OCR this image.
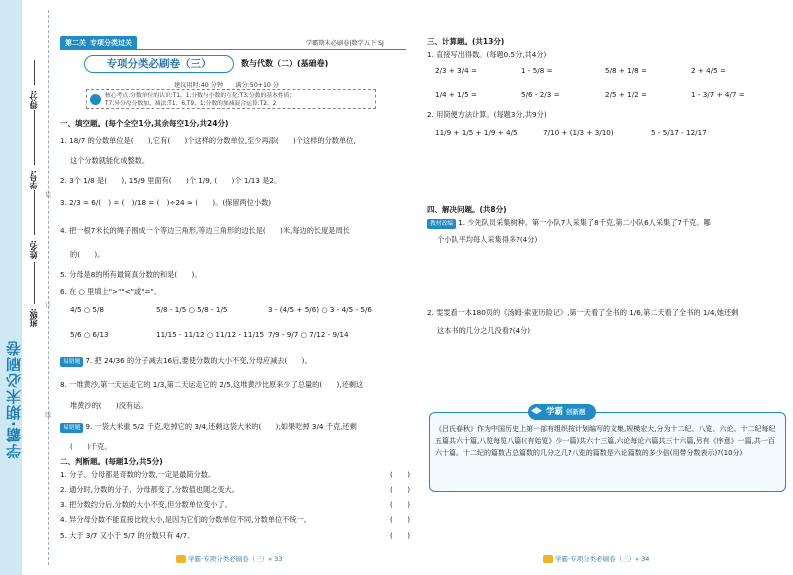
学霸·期末必刷卷
得分:
学号:
姓名:
班级:
装
订
线
第二关 专项分类过关	学霸期末必刷卷|数学五下 SJ
专项分类必刷卷（三）	数与代数（二）(基础卷)
建议用时:40 分钟　　满分:50+10 分
核心考点:分数单位的认识:T1、1;分数与小数的互化:T3;分数的基本性质:
T7;异分母分数加、减法:T1、6,T9、1;分数的加减混合运算:T2、2
一、填空题。(每个全空1分,其余每空1分,共24分)
1. 18/7 的分数单位是(　　),它有(　　)个这样的分数单位,至少再添(　　)个这样的分数单位,
这个分数就能化成整数。
2. 3个 1/8 是(　　), 15/9 里面有(　　)个 1/9, (　　)个 1/13 是2。
3. 2/3 = 6/(　) = (　)/18 = (　)÷24 ≈ (　　)。(保留两位小数)
4. 把一根7米长的绳子围成一个等边三角形,等边三角形的边长是(　　)米,每边的长度是周长
的(　　)。
5. 分母是8的所有最简真分数的和是(　　)。
6. 在 ○ 里填上">""<"或"="。
4/5 ○ 5/8	5/8 - 1/5 ○ 5/8 - 1/5	3 - (4/5 + 5/6) ○ 3 - 4/5 - 5/6
5/6 ○ 6/13	11/15 - 11/12 ○ 11/12 - 11/15 7/9 - 9/7 ○ 7/12 - 9/14
易错题 7. 把 24/36 的分子减去16后,要使分数的大小不变,分母应减去(　　)。
8. 一堆黄沙,第一天运走它的 1/3,第二天运走它的 2/5,这堆黄沙比原来少了总量的(　　),还剩这
堆黄沙的(　　)没有运。
易错题 9. 一袋大米重 5/2 千克,吃掉它的 3/4,还剩这袋大米的(　　);如果吃掉 3/4 千克,还剩
(　　)千克。
二、判断题。(每题1分,共5分)
1. 分子、分母都是奇数的分数,一定是最简分数。	(　　)
2. 通分时,分数的分子、分母都变了,分数值也随之变大。	(　　)
3. 把分数约分后,分数的大小不变,但分数单位变小了。	(　　)
4. 异分母分数不能直接比较大小,是因为它们的分数单位不同,分数单位不统一。	(　　)
5. 大于 3/7 又小于 5/7 的分数只有 4/7。	(　　)
学霸·专项分类必刷卷（三）» 33
三、计算题。(共13分)
1. 直接写出得数。(每题0.5分,共4分)
2/3 + 3/4 =	1 - 5/8 =	5/8 + 1/8 =	2 + 4/5 =
1/4 + 1/5 =	5/6 - 2/3 =	2/5 + 1/2 =	1 - 3/7 + 4/7 =
2. 用简便方法计算。(每题3分,共9分)
11/9 + 1/5 + 1/9 + 4/5	7/10 + (1/3 + 3/10)	5 - 5/17 - 12/17
四、解决问题。(共8分)
教材改编 1. 少先队员采集树种。第一小队7人采集了8千克,第二小队6人采集了7千克。哪
个小队平均每人采集得多?(4分)
2. 雯雯看一本180页的《汤姆·索亚历险记》,第一天看了全书的 1/6,第二天看了全书的 1/4,她还剩
这本书的几分之几没看?(4分)
学霸 创新题
《吕氏春秋》作为中国历史上第一部有组织按计划编写的文集,规模宏大,分为十二纪、八览、六论。十二纪每纪五篇共六十篇,八览每览八篇(《有始览》少一篇)共六十三篇,六论每论六篇共三十六篇,另有《序意》一篇,共一百六十篇。十二纪的篇数占总篇数的几分之几?八览的篇数是六论篇数的多少倍(用带分数表示)?(10分)
学霸·专项分类必刷卷（三）» 34
